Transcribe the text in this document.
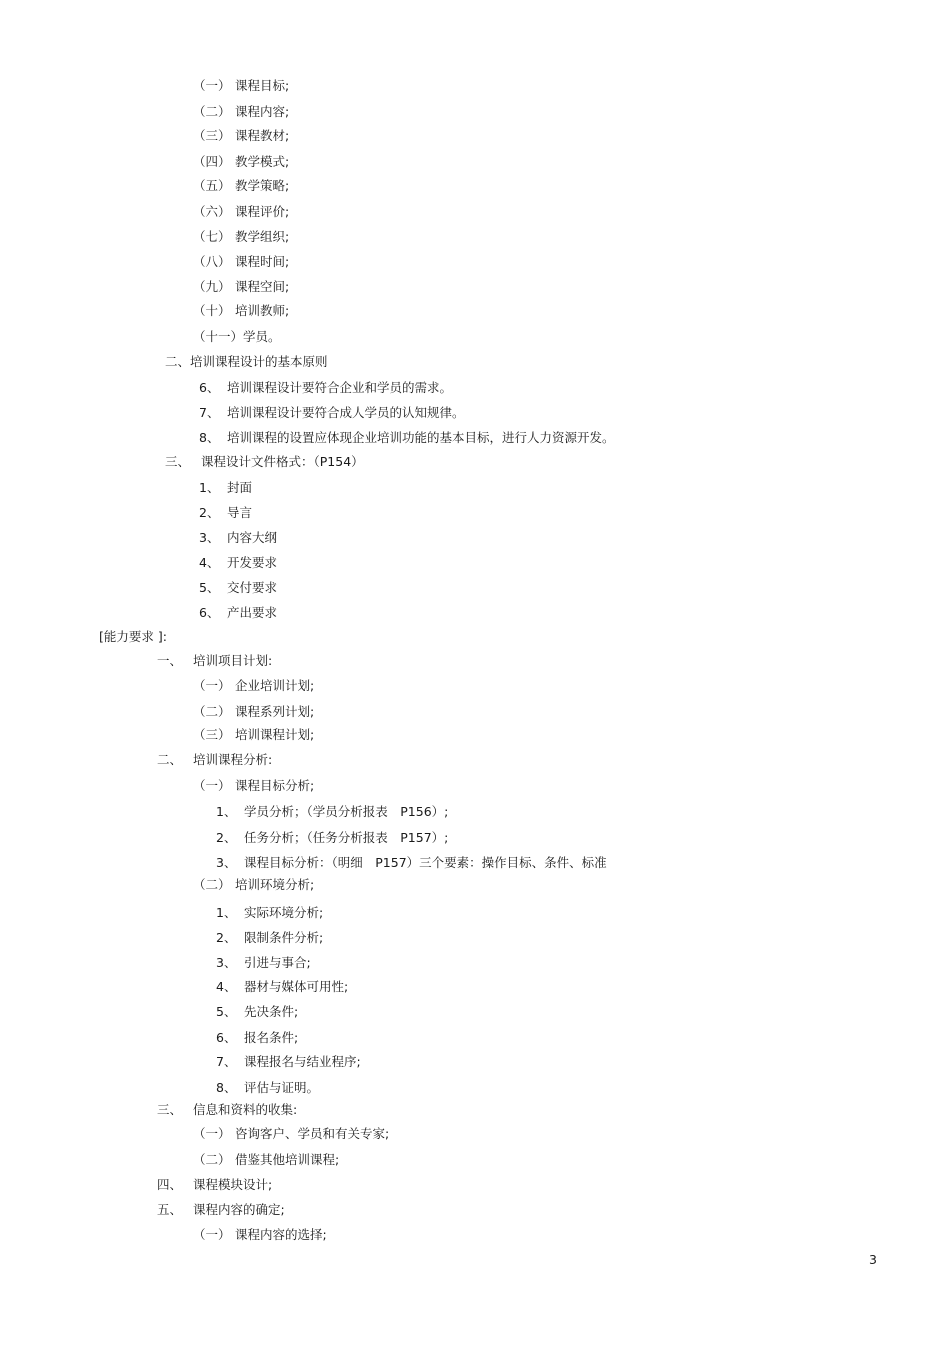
（一） 课程目标;
（二） 课程内容;
（三） 课程教材;
（四） 教学模式;
（五） 教学策略;
（六） 课程评价;
（七） 教学组织;
（八） 课程时间;
（九） 课程空间;
（十） 培训教师;
（十一）学员。
二、培训课程设计的基本原则
6、 培训课程设计要符合企业和学员的需求。
7、 培训课程设计要符合成人学员的认知规律。
8、 培训课程的设置应体现企业培训功能的基本目标，进行人力资源开发。
三、 课程设计文件格式：（P154）
1、 封面
2、 导言
3、 内容大纲
4、 开发要求
5、 交付要求
6、 产出要求
[能力要求 ]:
一、 培训项目计划:
（一） 企业培训计划;
（二） 课程系列计划;
（三） 培训课程计划;
二、 培训课程分析:
（一） 课程目标分析;
1、 学员分析；（学员分析报表　P156）;
2、 任务分析；（任务分析报表　P157）;
3、 课程目标分析：（明细　P157）三个要素：操作目标、条件、标准
（二） 培训环境分析;
1、 实际环境分析;
2、 限制条件分析;
3、 引进与事合;
4、 器材与媒体可用性;
5、 先决条件;
6、 报名条件;
7、 课程报名与结业程序;
8、 评估与证明。
三、 信息和资料的收集:
（一） 咨询客户、学员和有关专家;
（二） 借鉴其他培训课程;
四、 课程模块设计;
五、 课程内容的确定;
（一） 课程内容的选择;
3
